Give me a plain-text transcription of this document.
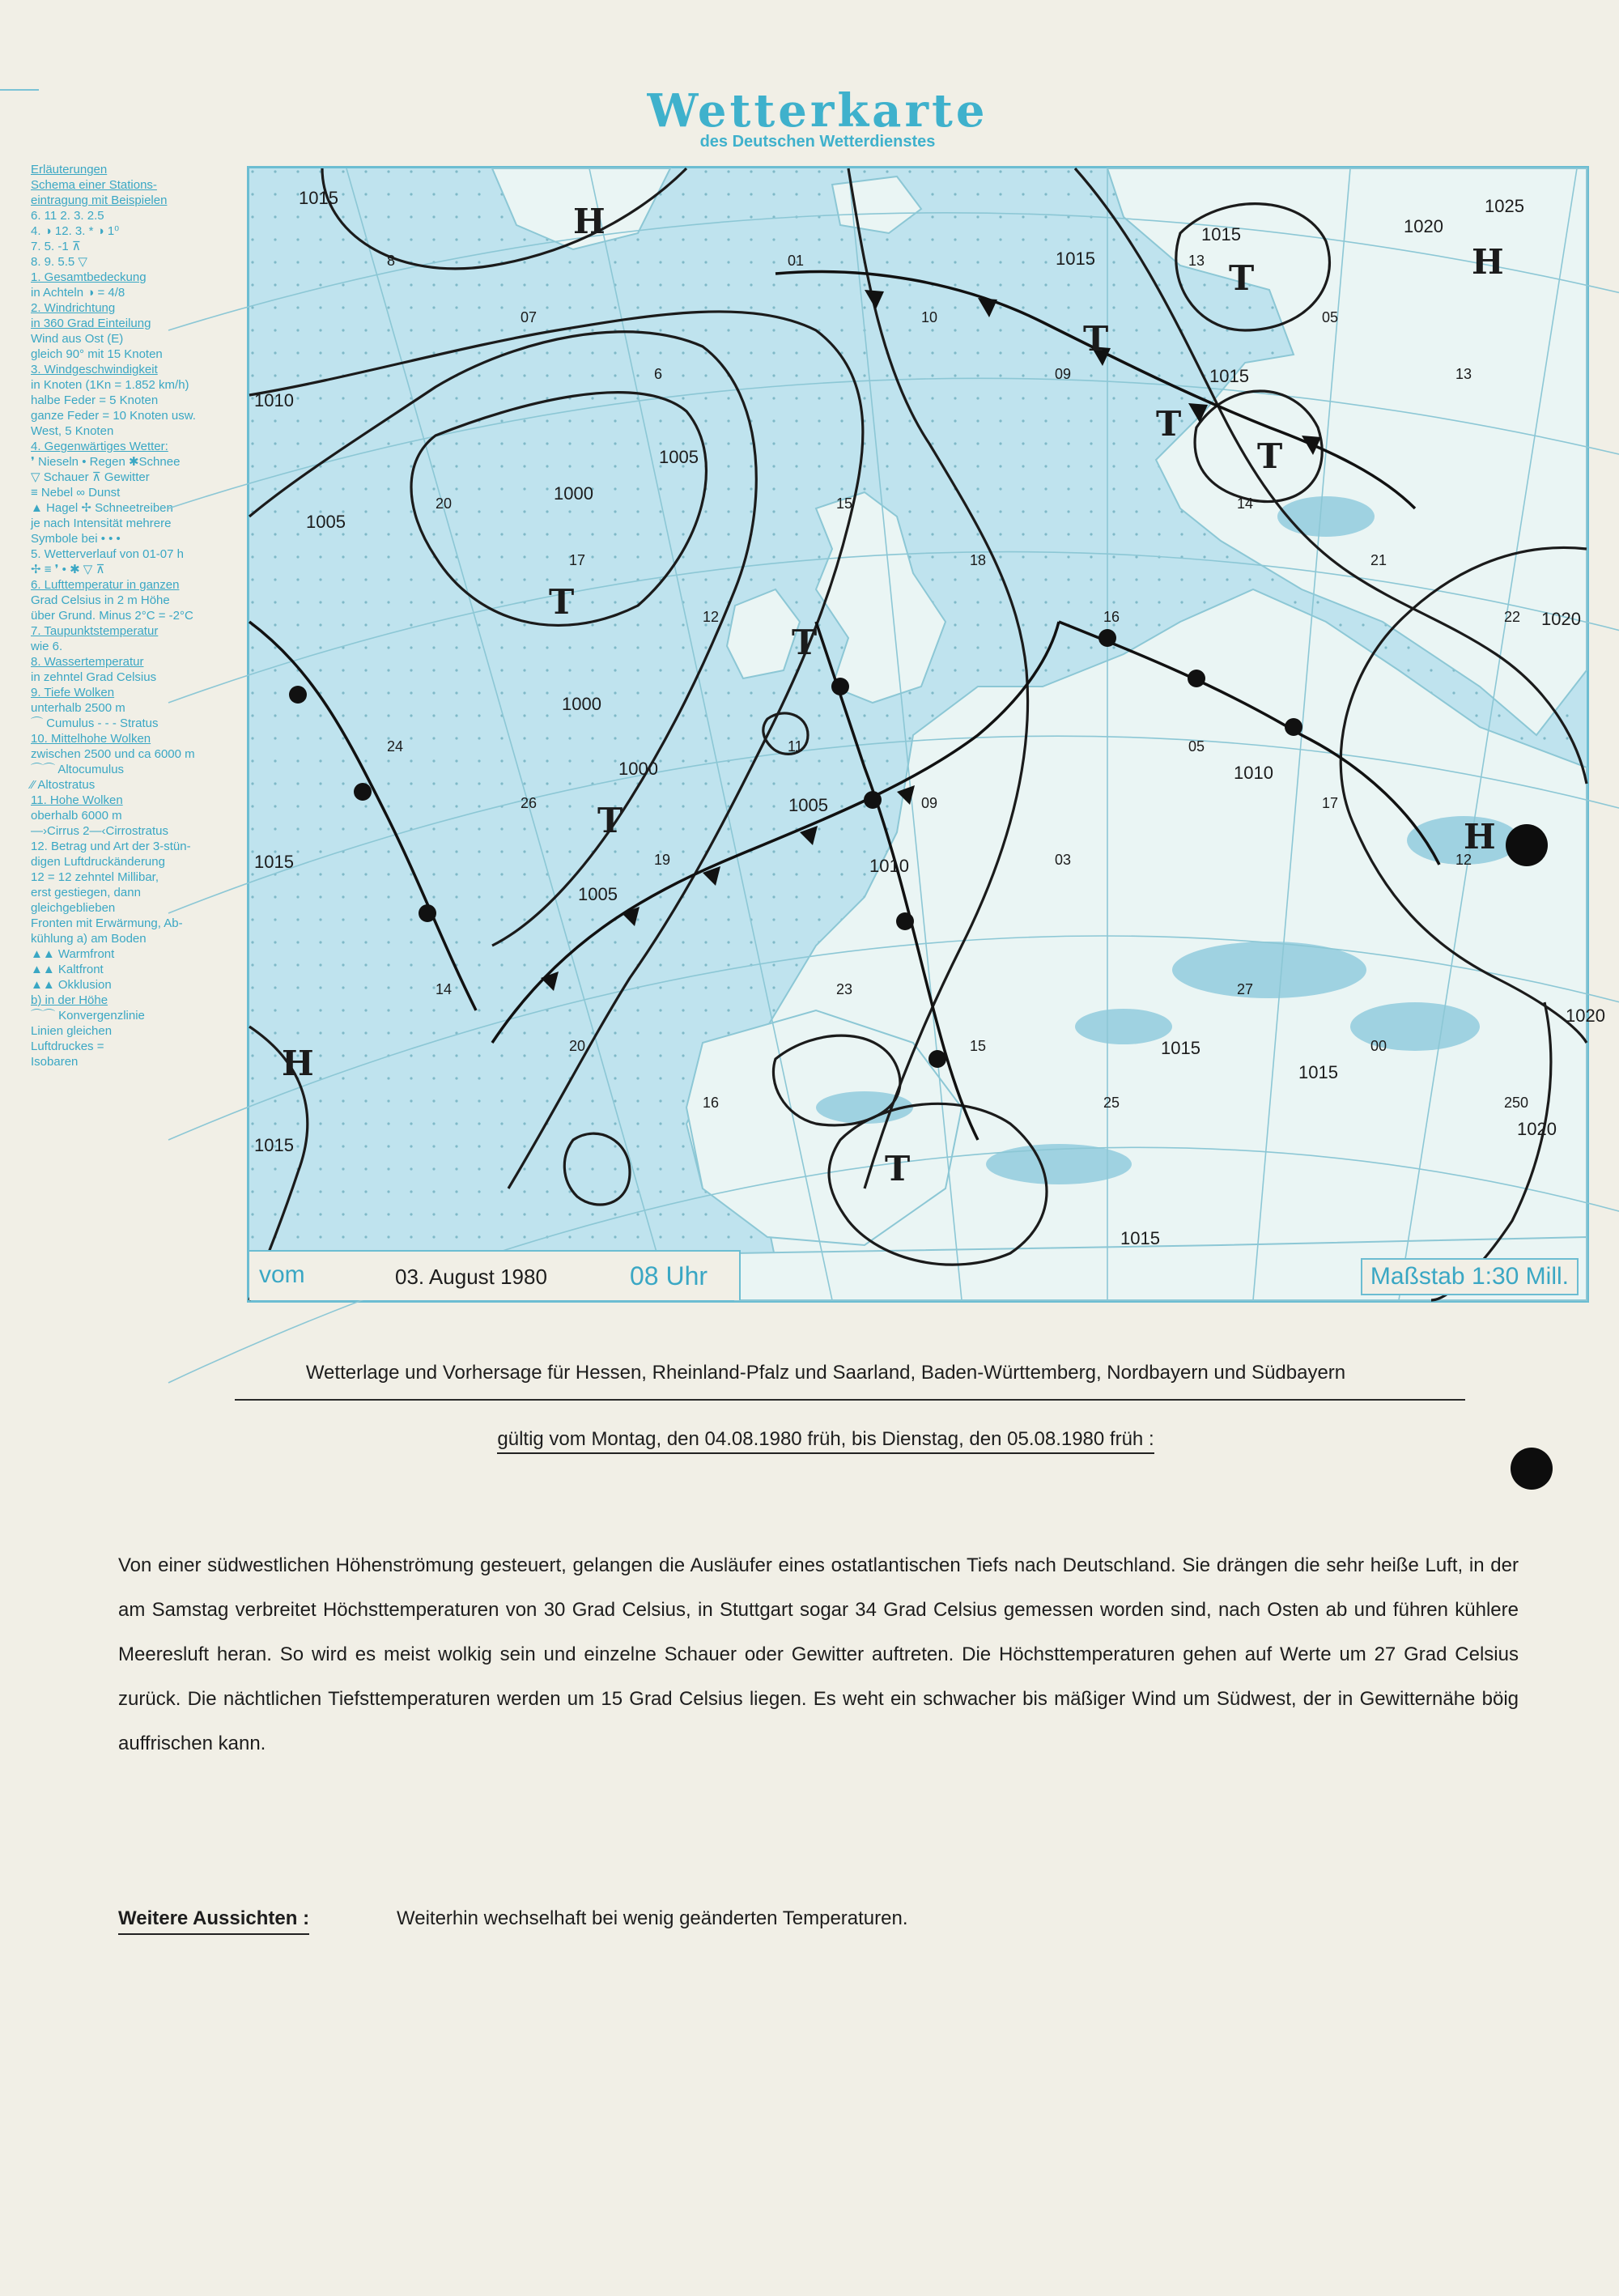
Wetterkarte
des Deutschen Wetterdienstes
Erläuterungen
Schema einer Stations-
eintragung mit Beispielen
6. 11 2. 3. 2.5
4. ◑ 12. 3. * ◑ 1⁰
7. 5. -1 ⊼
8. 9. 5.5 ▽
1. Gesamtbedeckung
in Achteln ◑ = 4/8
2. Windrichtung
in 360 Grad Einteilung
Wind aus Ost (E)
gleich 90° mit 15 Knoten
3. Windgeschwindigkeit
in Knoten (1Kn = 1.852 km/h)
halbe Feder = 5 Knoten
ganze Feder = 10 Knoten usw.
West, 5 Knoten
4. Gegenwärtiges Wetter:
❜ Nieseln • Regen ✱Schnee
▽ Schauer ⊼ Gewitter
≡ Nebel ∞ Dunst
▲ Hagel ✢ Schneetreiben
je nach Intensität mehrere
Symbole bei • • •
5. Wetterverlauf von 01-07 h
✢ ≡ ❜ • ✱ ▽ ⊼
6. Lufttemperatur in ganzen
Grad Celsius in 2 m Höhe
über Grund. Minus 2°C = -2°C
7. Taupunktstemperatur
wie 6.
8. Wassertemperatur
in zehntel Grad Celsius
9. Tiefe Wolken
unterhalb 2500 m
⌒ Cumulus - - - Stratus
10. Mittelhohe Wolken
zwischen 2500 und ca 6000 m
⌒⌒ Altocumulus
⁄⁄ Altostratus
11. Hohe Wolken
oberhalb 6000 m
—›Cirrus 2—‹Cirrostratus
12. Betrag und Art der 3-stün-
digen Luftdruckänderung
12 = 12 zehntel Millibar,
erst gestiegen, dann
gleichgeblieben
Fronten mit Erwärmung, Ab-
kühlung a) am Boden
▲▲ Warmfront
▲▲ Kaltfront
▲▲ Okklusion
b) in der Höhe
⌒⌒ Konvergenzlinie
Linien gleichen
Luftdruckes =
Isobaren
1015
1015
1015
1015
1010
1005
1000
1000
1000
1005
1005
1010
1010
1015
1015
1020
1020
1020
1020
1025
1015
1015
1015
1005
H
H
H
H
T
T
T
T
T
T
T
T
8
07
6
01
10
09
13
05
13
20
17
12
15
18
16
14
21
22
24
26
19
11
09
03
05
17
12
14
20
16
23
15
25
27
00
250
vom	03. August 1980	08 Uhr	Maßstab 1:30 Mill.
Wetterlage und Vorhersage für Hessen, Rheinland-Pfalz und Saarland, Baden-Württemberg, Nordbayern und Südbayern
gültig vom Montag, den 04.08.1980 früh, bis Dienstag, den 05.08.1980 früh :
Von einer südwestlichen Höhenströmung gesteuert, gelangen die Ausläufer eines ostatlantischen Tiefs nach Deutschland. Sie drängen die sehr heiße Luft, in der am Samstag verbreitet Höchsttemperaturen von 30 Grad Celsius, in Stuttgart sogar 34 Grad Celsius gemessen worden sind, nach Osten ab und führen kühlere Meeresluft heran. So wird es meist wolkig sein und einzelne Schauer oder Gewitter auftreten. Die Höchsttemperaturen gehen auf Werte um 27 Grad Celsius zurück. Die nächtlichen Tiefsttemperaturen werden um 15 Grad Celsius liegen. Es weht ein schwacher bis mäßiger Wind um Südwest, der in Gewitternähe böig auffrischen kann.
Weitere Aussichten :	Weiterhin wechselhaft bei wenig geänderten Temperaturen.
